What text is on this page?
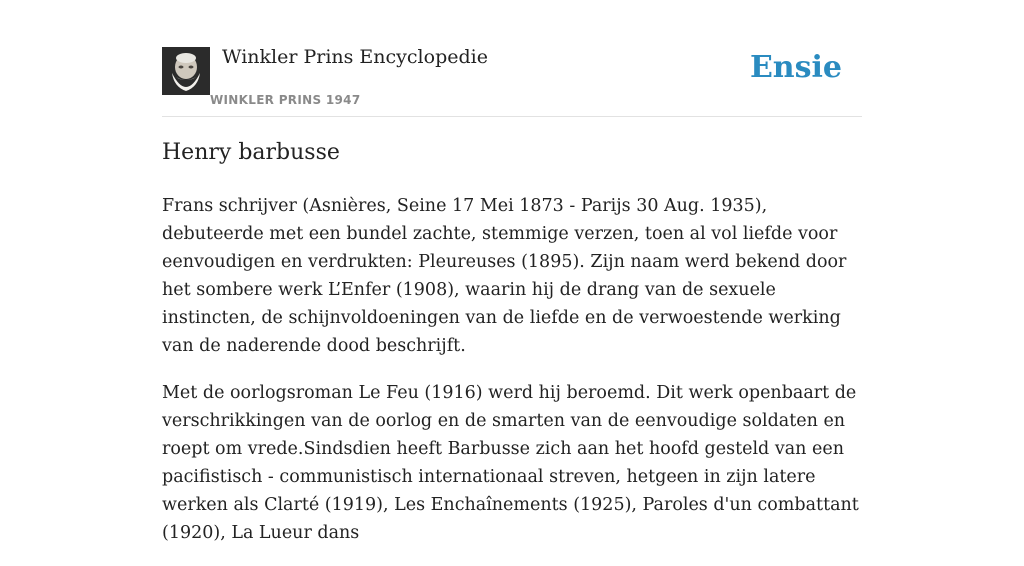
Winkler Prins Encyclopedie
WINKLER PRINS 1947
Ensie
Henry barbusse

Frans schrijver (Asnières, Seine 17 Mei 1873 - Parijs 30 Aug. 1935), debuteerde met een bundel zachte, stemmige verzen, toen al vol liefde voor eenvoudigen en verdrukten: Pleureuses (1895). Zijn naam werd bekend door het sombere werk L’Enfer (1908), waarin hij de drang van de sexuele instincten, de schijnvoldoeningen van de liefde en de verwoestende werking van de naderende dood beschrijft.

Met de oorlogsroman Le Feu (1916) werd hij beroemd. Dit werk openbaart de verschrikkingen van de oorlog en de smarten van de eenvoudige soldaten en roept om vrede.Sindsdien heeft Barbusse zich aan het hoofd gesteld van een pacifistisch - communistisch internationaal streven, hetgeen in zijn latere werken als Clarté (1919), Les Enchaînements (1925), Paroles d'un combattant (1920), La Lueur dans
